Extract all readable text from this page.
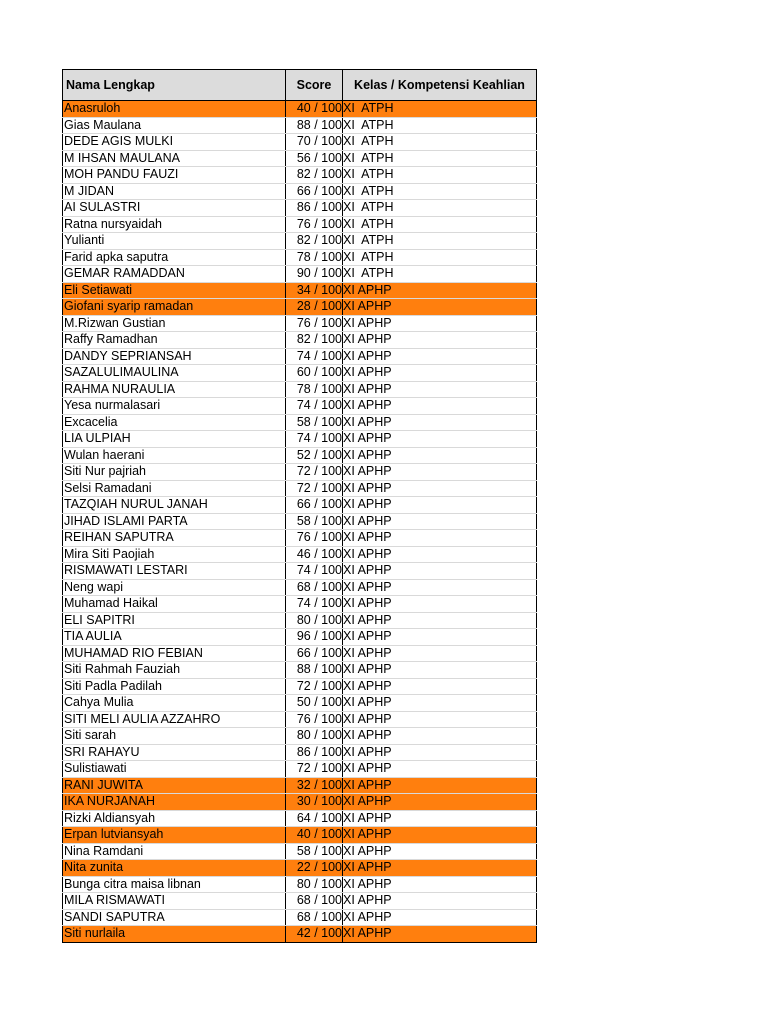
Nama Lengkap	Score	Kelas / Kompetensi Keahlian
Anasruloh	40 / 100	XI  ATPH
Gias Maulana	88 / 100	XI  ATPH
DEDE AGIS MULKI	70 / 100	XI  ATPH
M IHSAN MAULANA	56 / 100	XI  ATPH
MOH PANDU FAUZI	82 / 100	XI  ATPH
M JIDAN	66 / 100	XI  ATPH
AI SULASTRI	86 / 100	XI  ATPH
Ratna nursyaidah	76 / 100	XI  ATPH
Yulianti	82 / 100	XI  ATPH
Farid apka saputra	78 / 100	XI  ATPH
GEMAR RAMADDAN	90 / 100	XI  ATPH
Eli Setiawati	34 / 100	XI APHP
Giofani syarip ramadan	28 / 100	XI APHP
M.Rizwan Gustian	76 / 100	XI APHP
Raffy Ramadhan	82 / 100	XI APHP
DANDY SEPRIANSAH	74 / 100	XI APHP
SAZALULIMAULINA	60 / 100	XI APHP
RAHMA NURAULIA	78 / 100	XI APHP
Yesa nurmalasari	74 / 100	XI APHP
Excacelia	58 / 100	XI APHP
LIA ULPIAH	74 / 100	XI APHP
Wulan haerani	52 / 100	XI APHP
Siti Nur pajriah	72 / 100	XI APHP
Selsi Ramadani	72 / 100	XI APHP
TAZQIAH NURUL JANAH	66 / 100	XI APHP
JIHAD ISLAMI PARTA	58 / 100	XI APHP
REIHAN SAPUTRA	76 / 100	XI APHP
Mira Siti Paojiah	46 / 100	XI APHP
RISMAWATI LESTARI	74 / 100	XI APHP
Neng wapi	68 / 100	XI APHP
Muhamad Haikal	74 / 100	XI APHP
ELI SAPITRI	80 / 100	XI APHP
TIA AULIA	96 / 100	XI APHP
MUHAMAD RIO FEBIAN	66 / 100	XI APHP
Siti Rahmah Fauziah	88 / 100	XI APHP
Siti Padla Padilah	72 / 100	XI APHP
Cahya Mulia	50 / 100	XI APHP
SITI MELI AULIA AZZAHRO	76 / 100	XI APHP
Siti sarah	80 / 100	XI APHP
SRI RAHAYU	86 / 100	XI APHP
Sulistiawati	72 / 100	XI APHP
RANI JUWITA	32 / 100	XI APHP
IKA NURJANAH	30 / 100	XI APHP
Rizki Aldiansyah	64 / 100	XI APHP
Erpan lutviansyah	40 / 100	XI APHP
Nina Ramdani	58 / 100	XI APHP
Nita zunita	22 / 100	XI APHP
Bunga citra maisa libnan	80 / 100	XI APHP
MILA RISMAWATI	68 / 100	XI APHP
SANDI SAPUTRA	68 / 100	XI APHP
Siti nurlaila	42 / 100	XI APHP
